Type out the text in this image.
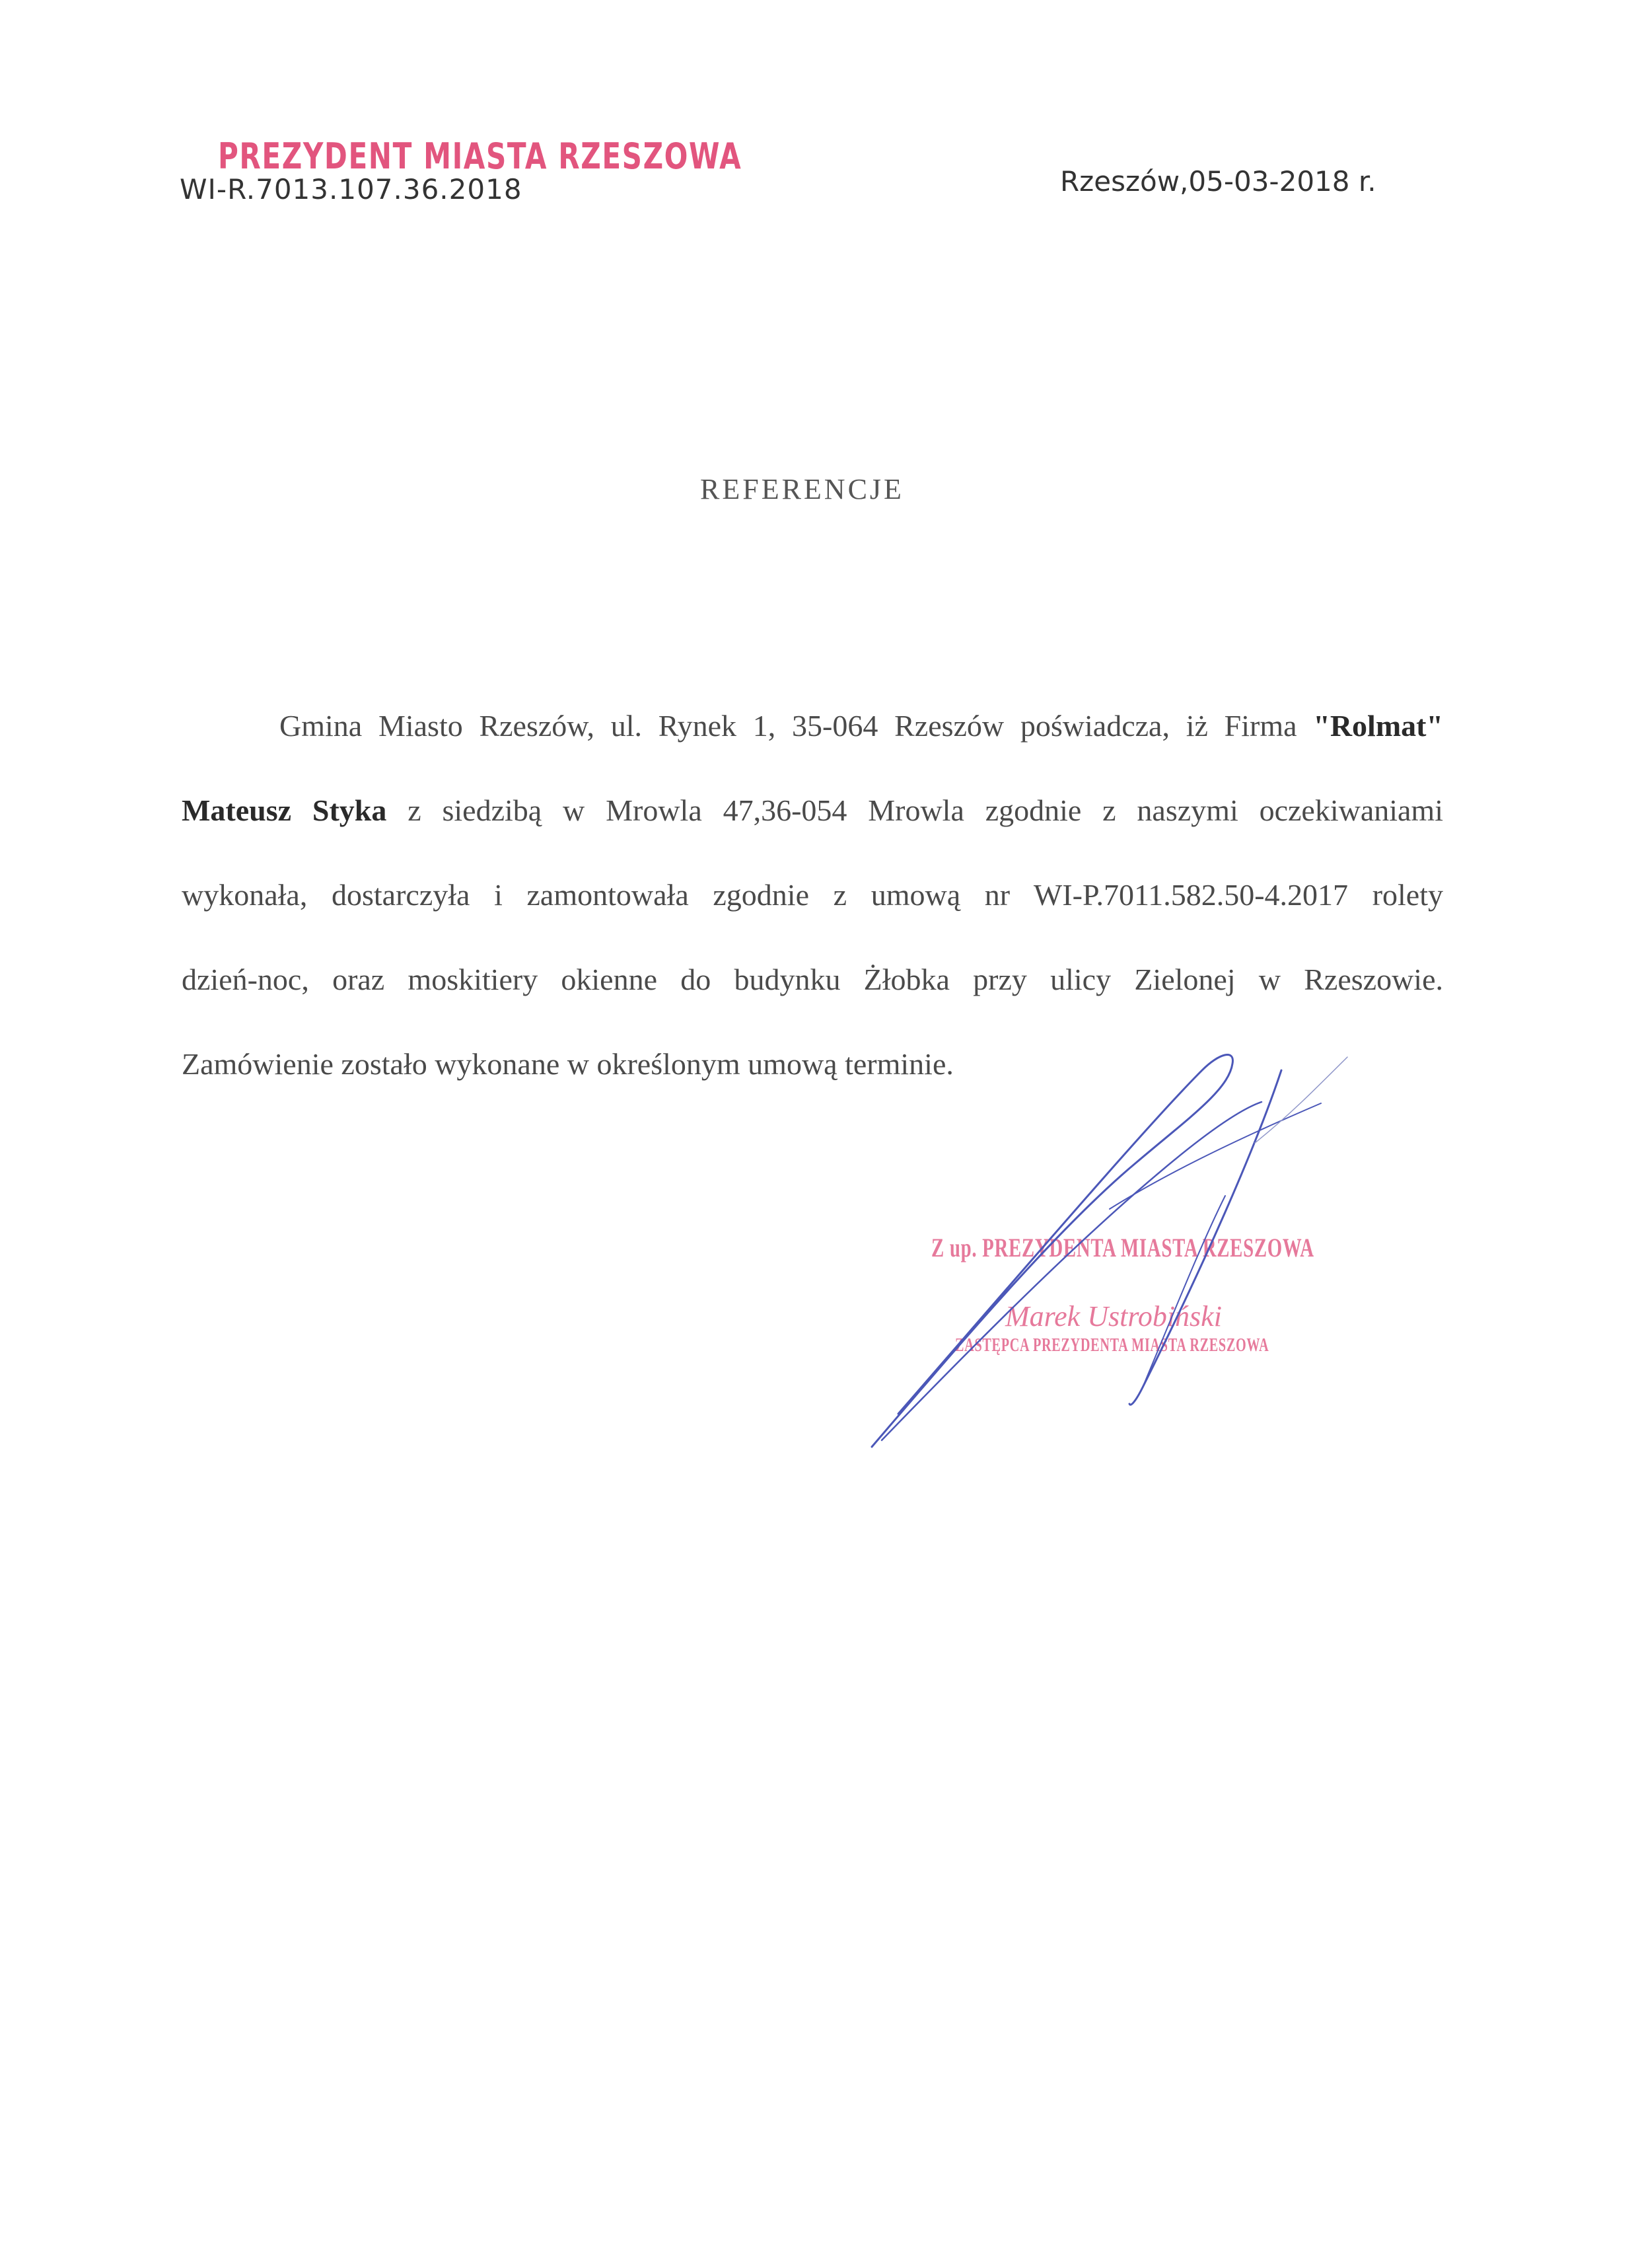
PREZYDENT MIASTA RZESZOWA
WI-R.7013.107.36.2018	Rzeszów,05-03-2018 r.
REFERENCJE
Gmina Miasto Rzeszów, ul. Rynek 1, 35-064 Rzeszów poświadcza, iż Firma "Rolmat"
Mateusz Styka z siedzibą w Mrowla 47,36-054 Mrowla zgodnie z naszymi oczekiwaniami
wykonała, dostarczyła i zamontowała zgodnie z umową nr WI-P.7011.582.50-4.2017 rolety
dzień-noc, oraz moskitiery okienne do budynku Żłobka przy ulicy Zielonej w Rzeszowie.
Zamówienie zostało wykonane w określonym umową terminie.
Z up. PREZYDENTA MIASTA RZESZOWA
Marek Ustrobiński
ZASTĘPCA PREZYDENTA MIASTA RZESZOWA
